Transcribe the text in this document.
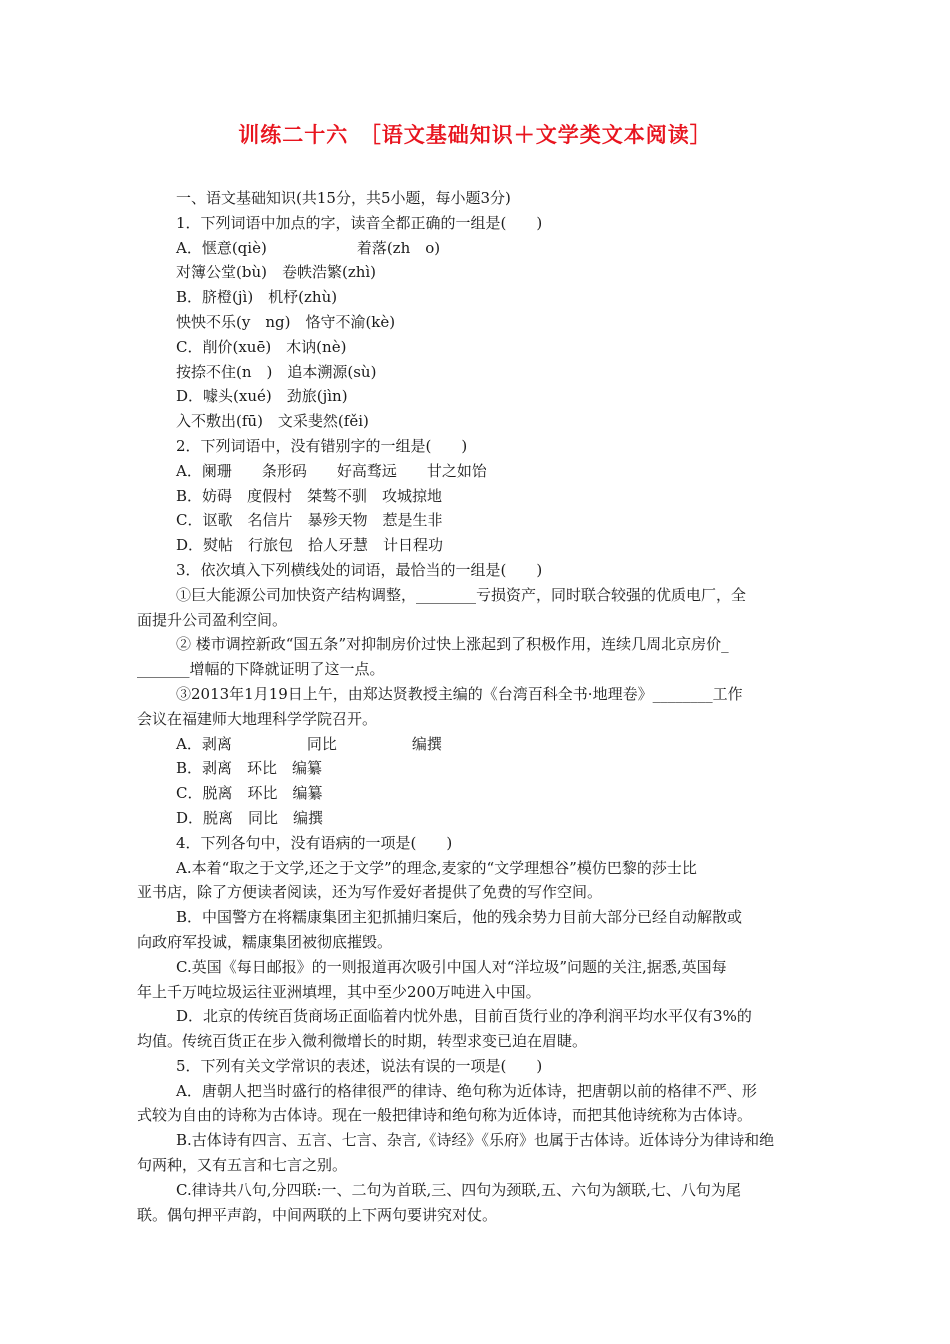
训练二十六　［语文基础知识＋文学类文本阅读］
一、语文基础知识(共15分，共5小题，每小题3分)
1．下列词语中加点的字，读音全都正确的一组是(　　)
A．惬意(qiè)　　　　　　着落(zh　o)
对簿公堂(bù)　卷帙浩繁(zhì)
B．脐橙(jì)　机杼(zhù)
怏怏不乐(y　ng)　恪守不渝(kè)
C．削价(xuē)　木讷(nè)
按捺不住(n　)　追本溯源(sù)
D．噱头(xué)　劲旅(jìn)
入不敷出(fū)　文采斐然(fěi)
2．下列词语中，没有错别字的一组是(　　)
A．阑珊　　条形码　　好高骛远　　甘之如饴
B．妨碍　度假村　桀骜不驯　攻城掠地
C．讴歌　名信片　暴殄天物　惹是生非
D．熨帖　行旅包　拾人牙慧　计日程功
3．依次填入下列横线处的词语，最恰当的一组是(　　)
①巨大能源公司加快资产结构调整，________亏损资产，同时联合较强的优质电厂，全
面提升公司盈利空间。
② 楼市调控新政“国五条”对抑制房价过快上涨起到了积极作用，连续几周北京房价_
_______增幅的下降就证明了这一点。
③2013年1月19日上午，由郑达贤教授主编的《台湾百科全书·地理卷》________工作
会议在福建师大地理科学学院召开。
A．剥离　　　　　同比　　　　　编撰
B．剥离　环比　编纂
C．脱离　环比　编纂
D．脱离　同比　编撰
4．下列各句中，没有语病的一项是(　　)
A.本着“取之于文学,还之于文学”的理念,麦家的“文学理想谷”模仿巴黎的莎士比
亚书店，除了方便读者阅读，还为写作爱好者提供了免费的写作空间。
B．中国警方在将糯康集团主犯抓捕归案后，他的残余势力目前大部分已经自动解散或
向政府军投诚，糯康集团被彻底摧毁。
C.英国《每日邮报》的一则报道再次吸引中国人对“洋垃圾”问题的关注,据悉,英国每
年上千万吨垃圾运往亚洲填埋，其中至少200万吨进入中国。
D．北京的传统百货商场正面临着内忧外患，目前百货行业的净利润平均水平仅有3%的
均值。传统百货正在步入微利微增长的时期，转型求变已迫在眉睫。
5．下列有关文学常识的表述，说法有误的一项是(　　)
A．唐朝人把当时盛行的格律很严的律诗、绝句称为近体诗，把唐朝以前的格律不严、形
式较为自由的诗称为古体诗。现在一般把律诗和绝句称为近体诗，而把其他诗统称为古体诗。
B.古体诗有四言、五言、七言、杂言,《诗经》《乐府》也属于古体诗。近体诗分为律诗和绝
句两种，又有五言和七言之别。
C.律诗共八句,分四联:一、二句为首联,三、四句为颈联,五、六句为颔联,七、八句为尾
联。偶句押平声韵，中间两联的上下两句要讲究对仗。
